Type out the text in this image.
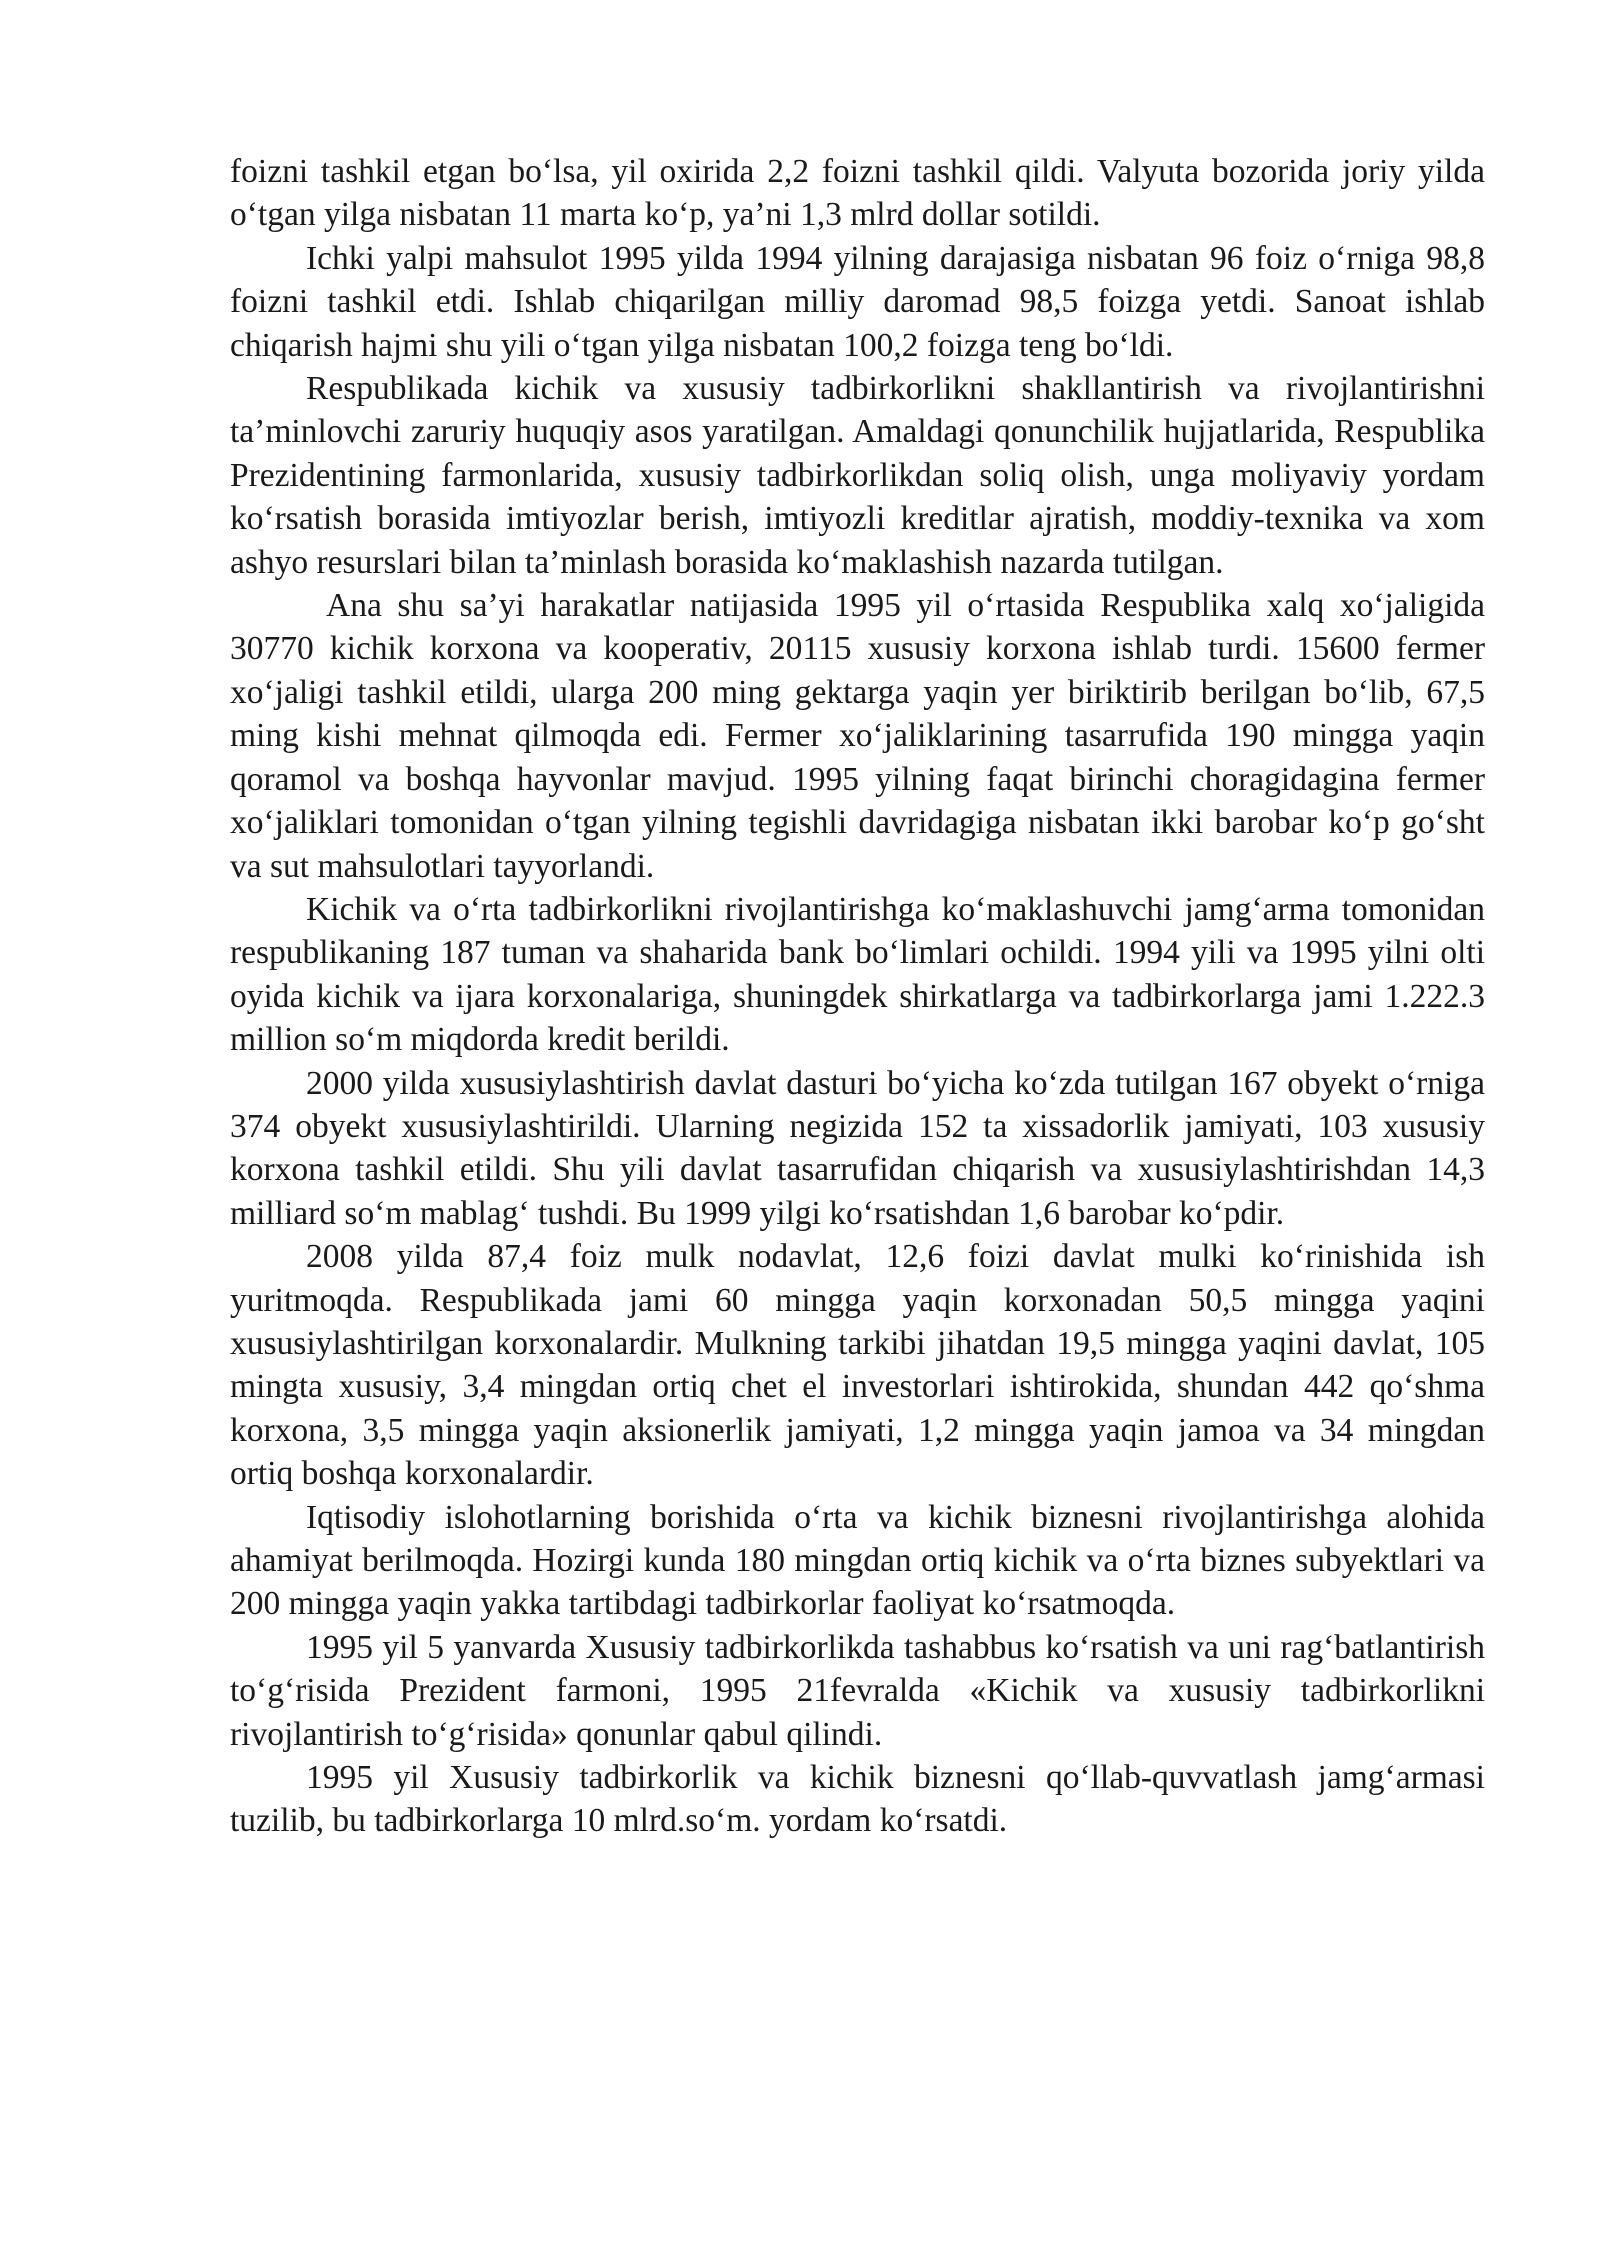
foizni tashkil etgan bo‘lsa, yil oxirida 2,2 foizni tashkil qildi. Valyuta bozorida joriy yilda o‘tgan yilga nisbatan 11 marta ko‘p, ya’ni 1,3 mlrd dollar sotildi.

Ichki yalpi mahsulot 1995 yilda 1994 yilning darajasiga nisbatan 96 foiz o‘rniga 98,8 foizni tashkil etdi. Ishlab chiqarilgan milliy daromad 98,5 foizga yetdi. Sanoat ishlab chiqarish hajmi shu yili o‘tgan yilga nisbatan 100,2 foizga teng bo‘ldi.

Respublikada kichik va xususiy tadbirkorlikni shakllantirish va rivojlantirishni ta’minlovchi zaruriy huquqiy asos yaratilgan. Amaldagi qonunchilik hujjatlarida, Respublika Prezidentining farmonlarida, xususiy tadbirkorlikdan soliq olish, unga moliyaviy yordam ko‘rsatish borasida imtiyozlar berish, imtiyozli kreditlar ajratish, moddiy-texnika va xom ashyo resurslari bilan ta’minlash borasida ko‘maklashish nazarda tutilgan.

Ana shu sa’yi harakatlar natijasida 1995 yil o‘rtasida Respublika xalq xo‘jaligida 30770 kichik korxona va kooperativ, 20115 xususiy korxona ishlab turdi. 15600 fermer xo‘jaligi tashkil etildi, ularga 200 ming gektarga yaqin yer biriktirib berilgan bo‘lib, 67,5 ming kishi mehnat qilmoqda edi. Fermer xo‘jaliklarining tasarrufida 190 mingga yaqin qoramol va boshqa hayvonlar mavjud. 1995 yilning faqat birinchi choragidagina fermer xo‘jaliklari tomonidan o‘tgan yilning tegishli davridagiga nisbatan ikki barobar ko‘p go‘sht va sut mahsulotlari tayyorlandi.

Kichik va o‘rta tadbirkorlikni rivojlantirishga ko‘maklashuvchi jamg‘arma tomonidan respublikaning 187 tuman va shaharida bank bo‘limlari ochildi. 1994 yili va 1995 yilni olti oyida kichik va ijara korxonalariga, shuningdek shirkatlarga va tadbirkorlarga jami 1.222.3 million so‘m miqdorda kredit berildi.

2000 yilda xususiylashtirish davlat dasturi bo‘yicha ko‘zda tutilgan 167 obyekt o‘rniga 374 obyekt xususiylashtirildi. Ularning negizida 152 ta xissadorlik jamiyati, 103 xususiy korxona tashkil etildi. Shu yili davlat tasarrufidan chiqarish va xususiylashtirishdan 14,3 milliard so‘m mablag‘ tushdi. Bu 1999 yilgi ko‘rsatishdan 1,6 barobar ko‘pdir.

2008 yilda 87,4 foiz mulk nodavlat, 12,6 foizi davlat mulki ko‘rinishida ish yuritmoqda. Respublikada jami 60 mingga yaqin korxonadan 50,5 mingga yaqini xususiylashtirilgan korxonalardir. Mulkning tarkibi jihatdan 19,5 mingga yaqini davlat, 105 mingta xususiy, 3,4 mingdan ortiq chet el investorlari ishtirokida, shundan 442 qo‘shma korxona, 3,5 mingga yaqin aksionerlik jamiyati, 1,2 mingga yaqin jamoa va 34 mingdan ortiq boshqa korxonalardir.

Iqtisodiy islohotlarning borishida o‘rta va kichik biznesni rivojlantirishga alohida ahamiyat berilmoqda. Hozirgi kunda 180 mingdan ortiq kichik va o‘rta biznes subyektlari va 200 mingga yaqin yakka tartibdagi tadbirkorlar faoliyat ko‘rsatmoqda.

1995 yil 5 yanvarda Xususiy tadbirkorlikda tashabbus ko‘rsatish va uni rag‘batlantirish to‘g‘risida Prezident farmoni, 1995 21fevralda «Kichik va xususiy tadbirkorlikni rivojlantirish to‘g‘risida» qonunlar qabul qilindi.

1995 yil Xususiy tadbirkorlik va kichik biznesni qo‘llab-quvvatlash jamg‘armasi tuzilib, bu tadbirkorlarga 10 mlrd.so‘m. yordam ko‘rsatdi.
